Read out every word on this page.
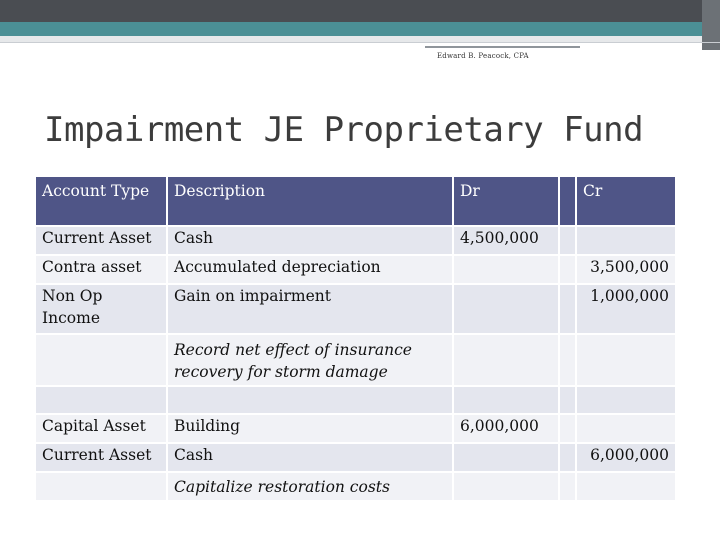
Edward B. Peacock, CPA
Impairment JE Proprietary Fund
Account Type	Description	Dr		Cr
Current Asset	Cash	4,500,000		
Contra asset	Accumulated depreciation			3,500,000
Non Op Income	Gain on impairment			1,000,000
	Record net effect of insurance recovery for storm damage			

Capital Asset	Building	6,000,000		
Current Asset	Cash			6,000,000
	Capitalize restoration costs			
